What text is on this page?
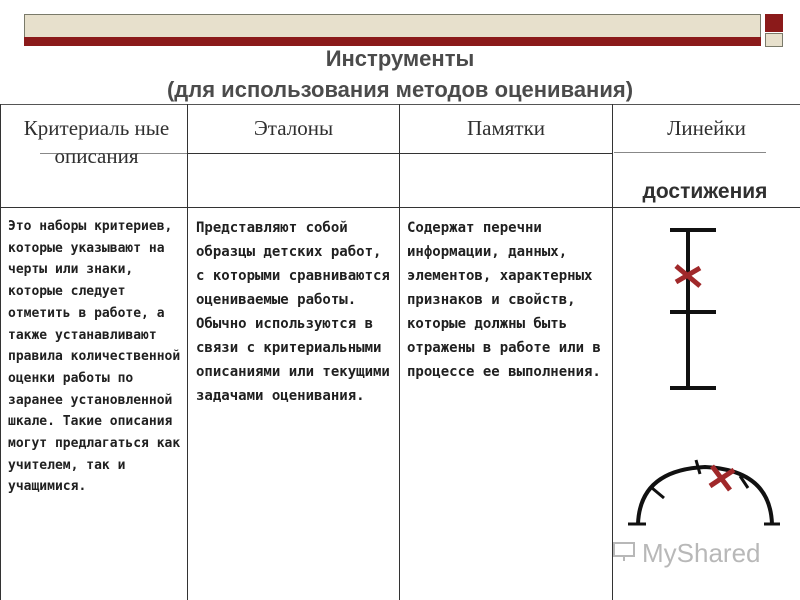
Инструменты
(для использования методов оценивания)
Критериаль ные описания
Эталоны	Памятки	Линейки
достижения
Это наборы критериев, которые указывают на черты или знаки, которые следует отметить в работе, а также устанавливают правила количественной оценки работы по заранее установленной шкале. Такие описания могут предлагаться как учителем, так и учащимися.
Представляют собой образцы детских работ, с которыми сравниваются оцениваемые работы. Обычно используются в связи с критериальными описаниями или текущими задачами оценивания.
Содержат перечни информации, данных, элементов, характерных признаков и свойств, которые должны быть отражены в работе или в процессе ее выполнения.
MyShared
